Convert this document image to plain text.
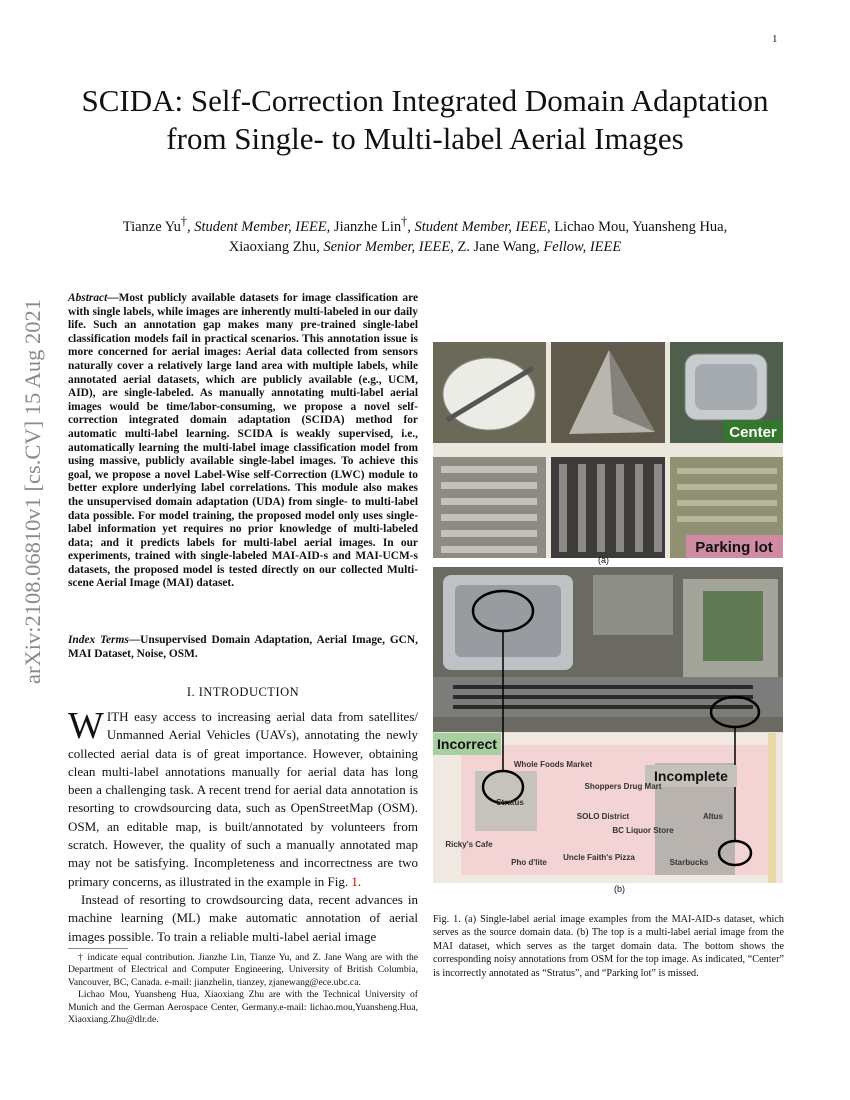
1
arXiv:2108.06810v1 [cs.CV] 15 Aug 2021
SCIDA: Self-Correction Integrated Domain Adaptation from Single- to Multi-label Aerial Images
Tianze Yu†, Student Member, IEEE, Jianzhe Lin†, Student Member, IEEE, Lichao Mou, Yuansheng Hua,
Xiaoxiang Zhu, Senior Member, IEEE, Z. Jane Wang, Fellow, IEEE
Abstract—Most publicly available datasets for image classification are with single labels, while images are inherently multi-labeled in our daily life. Such an annotation gap makes many pre-trained single-label classification models fail in practical scenarios. This annotation issue is more concerned for aerial images: Aerial data collected from sensors naturally cover a relatively large land area with multiple labels, while annotated aerial datasets, which are publicly available (e.g., UCM, AID), are single-labeled. As manually annotating multi-label aerial images would be time/labor-consuming, we propose a novel self-correction integrated domain adaptation (SCIDA) method for automatic multi-label learning. SCIDA is weakly supervised, i.e., automatically learning the multi-label image classification model from using massive, publicly available single-label images. To achieve this goal, we propose a novel Label-Wise self-Correction (LWC) module to better explore underlying label correlations. This module also makes the unsupervised domain adaptation (UDA) from single- to multi-label data possible. For model training, the proposed model only uses single-label information yet requires no prior knowledge of multi-labeled data; and it predicts labels for multi-label aerial images. In our experiments, trained with single-labeled MAI-AID-s and MAI-UCM-s datasets, the proposed model is tested directly on our collected Multi-scene Aerial Image (MAI) dataset.
Index Terms—Unsupervised Domain Adaptation, Aerial Image, GCN, MAI Dataset, Noise, OSM.
I. INTRODUCTION

WITH easy access to increasing aerial data from satellites/ Unmanned Aerial Vehicles (UAVs), annotating the newly collected aerial data is of great importance. However, obtaining clean multi-label annotations manually for aerial data has long been a challenging task. A recent trend for aerial data annotation is resorting to crowdsourcing data, such as OpenStreetMap (OSM). OSM, an editable map, is built/annotated by volunteers from scratch. However, the quality of such a manually annotated map may not be satisfying. Incompleteness and incorrectness are two primary concerns, as illustrated in the example in Fig. 1.

Instead of resorting to crowdsourcing data, recent advances in machine learning (ML) make automatic annotation of aerial images possible. To train a reliable multi-label aerial image

† indicate equal contribution. Jianzhe Lin, Tianze Yu, and Z. Jane Wang are with the Department of Electrical and Computer Engineering, University of British Columbia, Vancouver, BC, Canada. e-mail: jianzhelin, tianzey, zjanewang@ece.ubc.ca.

Lichao Mou, Yuansheng Hua, Xiaoxiang Zhu are with the Technical University of Munich and the German Aerospace Center, Germany.e-mail: lichao.mou,Yuansheng.Hua, Xiaoxiang.Zhu@dlr.de.

Center
Parking lot
(a)
Incorrect
Incomplete
Whole Foods Market
Shoppers Drug Mart
Stratus
SOLO District	Altus
BC Liquor Store
Ricky's Cafe
Uncle Faith's Pizza
Pho d'lite	Starbucks
(b)
Fig. 1. (a) Single-label aerial image examples from the MAI-AID-s dataset, which serves as the source domain data. (b) The top is a multi-label aerial image from the MAI dataset, which serves as the target domain data. The bottom shows the corresponding noisy annotations from OSM for the top image. As indicated, “Center” is incorrectly annotated as “Stratus”, and “Parking lot” is missed.
